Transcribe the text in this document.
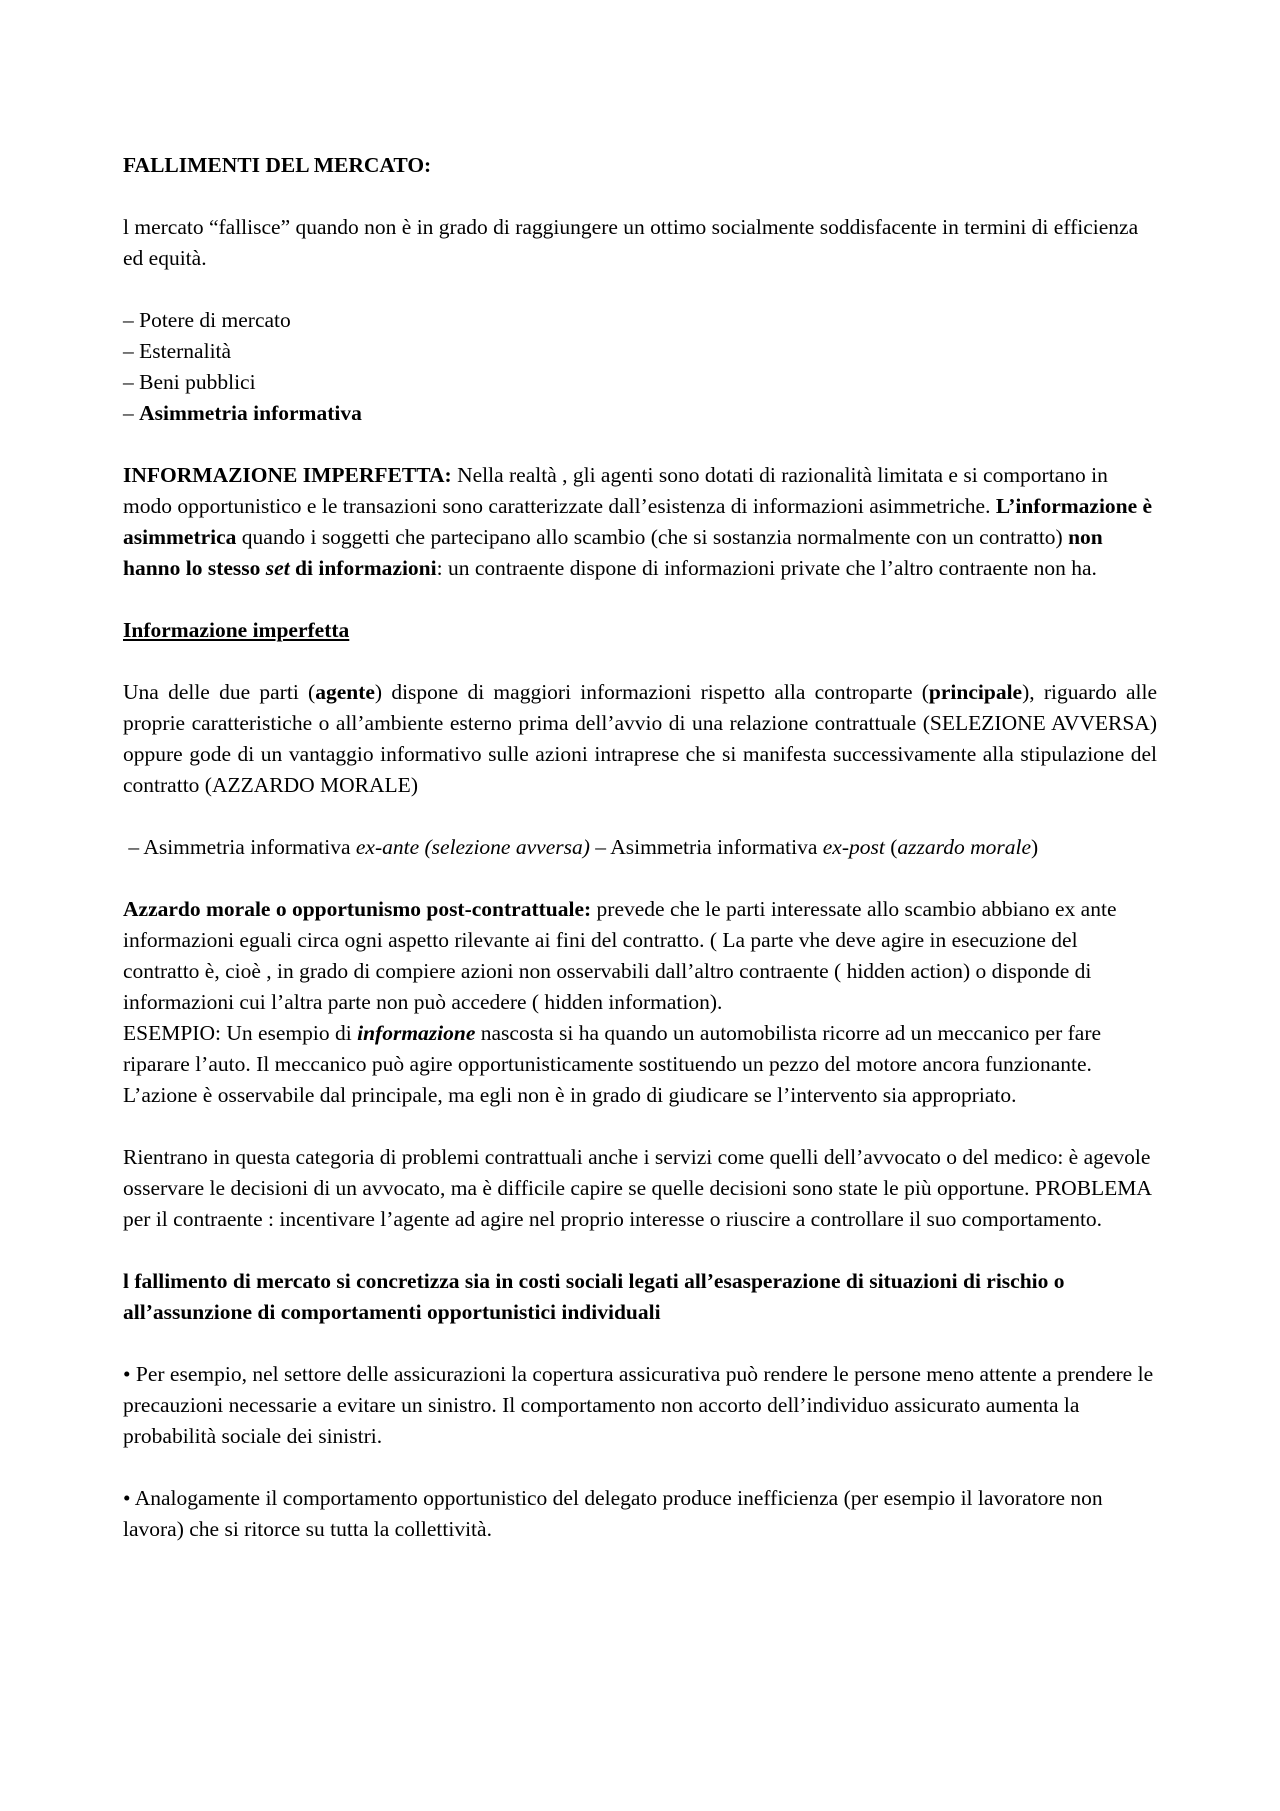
FALLIMENTI DEL MERCATO:

l mercato “fallisce” quando non è in grado di raggiungere un ottimo socialmente soddisfacente in termini di efficienza ed equità.

– Potere di mercato

– Esternalità

– Beni pubblici

– Asimmetria informativa

INFORMAZIONE IMPERFETTA: Nella realtà , gli agenti sono dotati di razionalità limitata e si comportano in modo opportunistico e le transazioni sono caratterizzate dall’esistenza di informazioni asimmetriche. L’informazione è asimmetrica quando i soggetti che partecipano allo scambio (che si sostanzia normalmente con un contratto) non hanno lo stesso set di informazioni: un contraente dispone di informazioni private che l’altro contraente non ha.

Informazione imperfetta

Una delle due parti (agente) dispone di maggiori informazioni rispetto alla controparte (principale), riguardo alle proprie caratteristiche o all’ambiente esterno prima dell’avvio di una relazione contrattuale (SELEZIONE AVVERSA) oppure gode di un vantaggio informativo sulle azioni intraprese che si manifesta successivamente alla stipulazione del contratto (AZZARDO MORALE)

– Asimmetria informativa ex-ante (selezione avversa) – Asimmetria informativa ex-post (azzardo morale)

Azzardo morale o opportunismo post-contrattuale: prevede che le parti interessate allo scambio abbiano ex ante informazioni eguali circa ogni aspetto rilevante ai fini del contratto. ( La parte vhe deve agire in esecuzione del contratto è, cioè , in grado di compiere azioni non osservabili dall’altro contraente ( hidden action) o disponde di informazioni cui l’altra parte non può accedere ( hidden information).

ESEMPIO: Un esempio di informazione nascosta si ha quando un automobilista ricorre ad un meccanico per fare riparare l’auto. Il meccanico può agire opportunisticamente sostituendo un pezzo del motore ancora funzionante. L’azione è osservabile dal principale, ma egli non è in grado di giudicare se l’intervento sia appropriato.

Rientrano in questa categoria di problemi contrattuali anche i servizi come quelli dell’avvocato o del medico: è agevole osservare le decisioni di un avvocato, ma è difficile capire se quelle decisioni sono state le più opportune. PROBLEMA per il contraente : incentivare l’agente ad agire nel proprio interesse o riuscire a controllare il suo comportamento.

l fallimento di mercato si concretizza sia in costi sociali legati all’esasperazione di situazioni di rischio o all’assunzione di comportamenti opportunistici individuali

• Per esempio, nel settore delle assicurazioni la copertura assicurativa può rendere le persone meno attente a prendere le precauzioni necessarie a evitare un sinistro. Il comportamento non accorto dell’individuo assicurato aumenta la probabilità sociale dei sinistri.

• Analogamente il comportamento opportunistico del delegato produce inefficienza (per esempio il lavoratore non lavora) che si ritorce su tutta la collettività.
